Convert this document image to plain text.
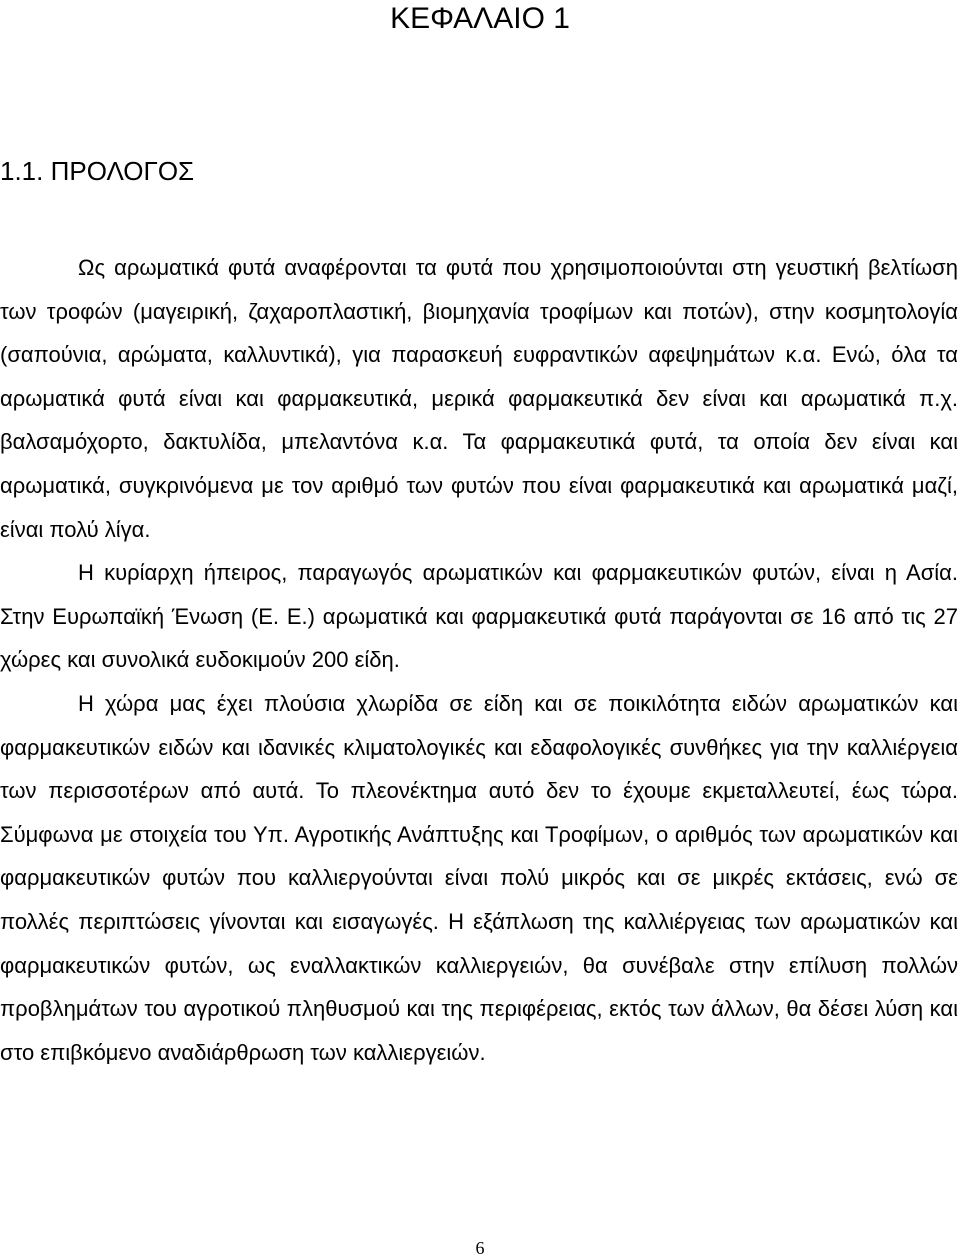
ΚΕΦΑΛΑΙΟ 1
1.1. ΠΡΟΛΟΓΟΣ

Ως αρωματικά φυτά αναφέρονται τα φυτά που χρησιμοποιούνται στη γευστική βελτίωση των τροφών (μαγειρική, ζαχαροπλαστική, βιομηχανία τροφίμων και ποτών), στην κοσμητολογία (σαπούνια, αρώματα, καλλυντικά), για παρασκευή ευφραντικών αφεψημάτων κ.α. Ενώ, όλα τα αρωματικά φυτά είναι και φαρμακευτικά, μερικά φαρμακευτικά δεν είναι και αρωματικά π.χ. βαλσαμόχορτο, δακτυλίδα, μπελαντόνα κ.α. Τα φαρμακευτικά φυτά, τα οποία δεν είναι και αρωματικά, συγκρινόμενα με τον αριθμό των φυτών που είναι φαρμακευτικά και αρωματικά μαζί, είναι πολύ λίγα.

Η κυρίαρχη ήπειρος, παραγωγός αρωματικών και φαρμακευτικών φυτών, είναι η Ασία. Στην Ευρωπαϊκή Ένωση (Ε. Ε.) αρωματικά και φαρμακευτικά φυτά παράγονται σε 16 από τις 27 χώρες και συνολικά ευδοκιμούν 200 είδη.

Η χώρα μας έχει πλούσια χλωρίδα σε είδη και σε ποικιλότητα ειδών αρωματικών και φαρμακευτικών ειδών και ιδανικές κλιματολογικές και εδαφολογικές συνθήκες για την καλλιέργεια των περισσοτέρων από αυτά. Το πλεονέκτημα αυτό δεν το έχουμε εκμεταλλευτεί, έως τώρα. Σύμφωνα με στοιχεία του Υπ. Αγροτικής Ανάπτυξης και Τροφίμων, ο αριθμός των αρωματικών και φαρμακευτικών φυτών που καλλιεργούνται είναι πολύ μικρός και σε μικρές εκτάσεις, ενώ σε πολλές περιπτώσεις γίνονται και εισαγωγές. Η εξάπλωση της καλλιέργειας των αρωματικών και φαρμακευτικών φυτών, ως εναλλακτικών καλλιεργειών, θα συνέβαλε στην επίλυση πολλών προβλημάτων του αγροτικού πληθυσμού και της περιφέρειας, εκτός των άλλων, θα δέσει λύση και στο επιβκόμενο αναδιάρθρωση των καλλιεργειών.

6
